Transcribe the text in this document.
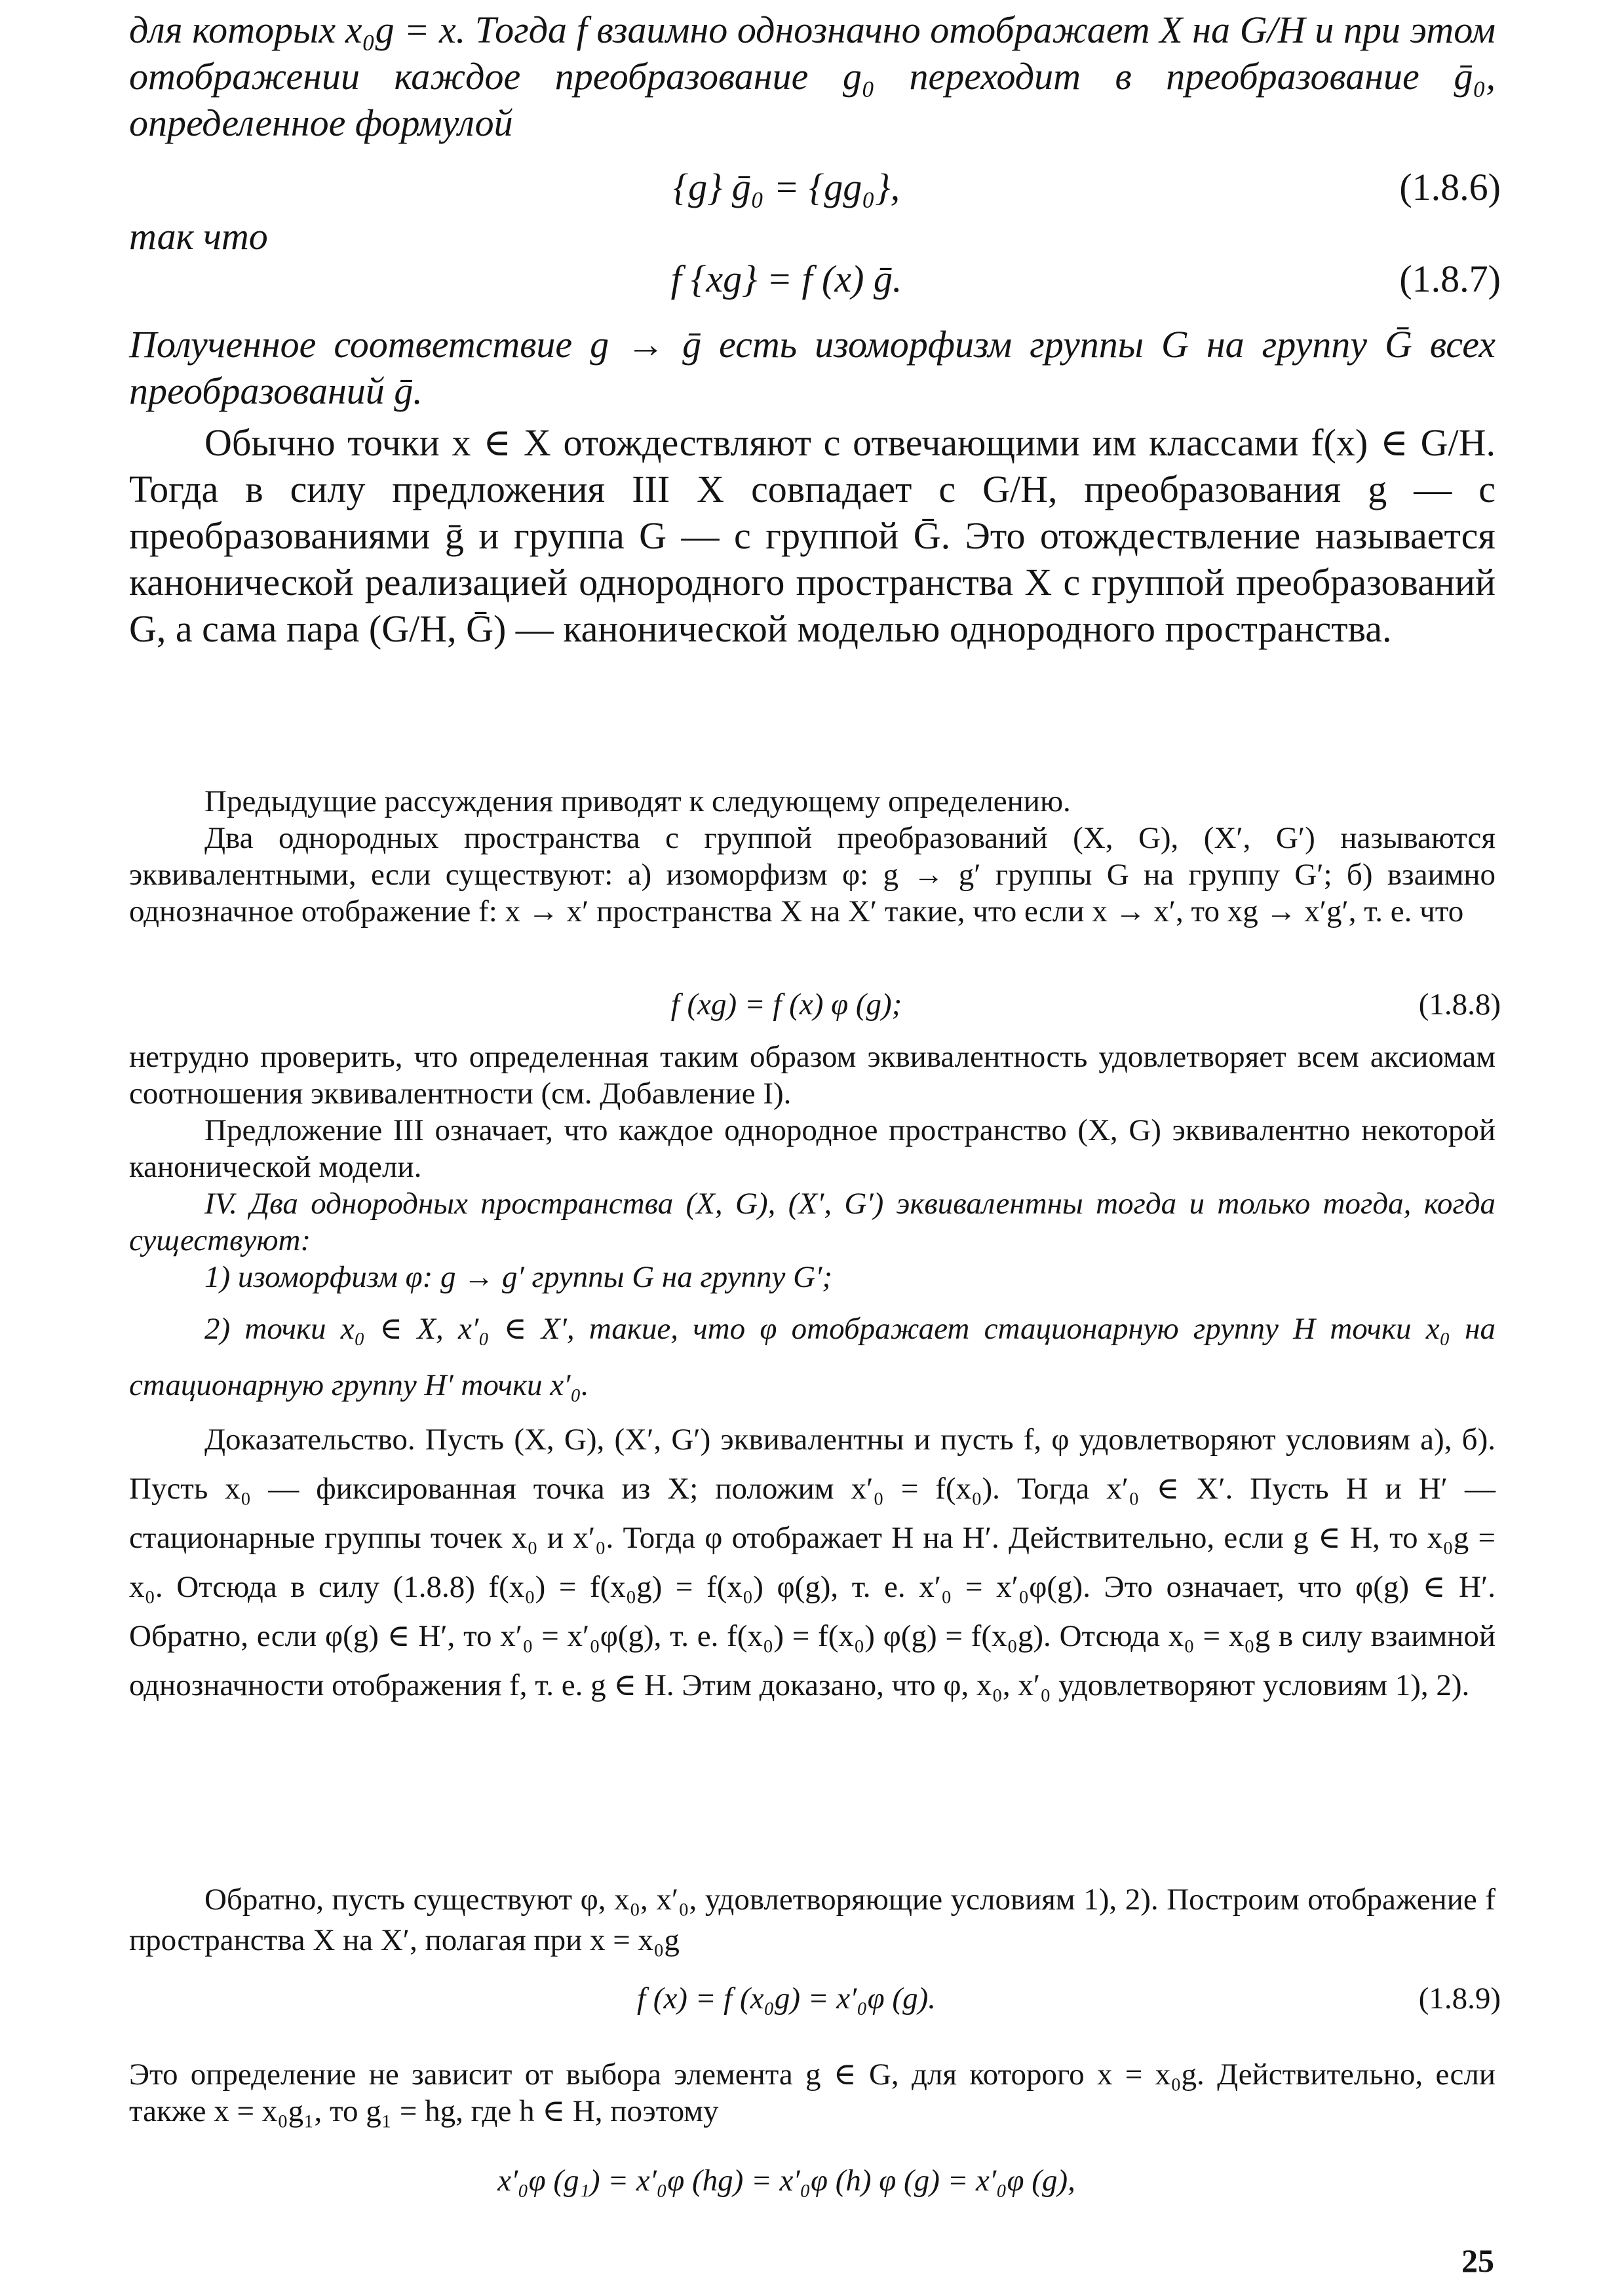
для которых x₀g = x. Тогда f взаимно однозначно отображает X на G/H и при этом отображении каждое преобразование g₀ переходит в преобразование ḡ₀, определенное формулой
{g} ḡ₀ = {gg₀},	(1.8.6)
так что
f {xg} = f (x) ḡ.	(1.8.7)
Полученное соответствие g → ḡ есть изоморфизм группы G на группу Ḡ всех преобразований ḡ.
Обычно точки x ∈ X отождествляют с отвечающими им классами f(x) ∈ G/H. Тогда в силу предложения III X совпадает с G/H, преобразования g — с преобразованиями ḡ и группа G — с группой Ḡ. Это отождествление называется канонической реализацией однородного пространства X с группой преобразований G, а сама пара (G/H, Ḡ) — канонической моделью однородного пространства.
Предыдущие рассуждения приводят к следующему определению.
Два однородных пространства с группой преобразований (X, G), (X′, G′) называются эквивалентными, если существуют: а) изоморфизм φ: g → g′ группы G на группу G′; б) взаимно однозначное отображение f: x → x′ пространства X на X′ такие, что если x → x′, то xg → x′g′, т. е. что
f (xg) = f (x) φ (g);	(1.8.8)
нетрудно проверить, что определенная таким образом эквивалентность удовлетворяет всем аксиомам соотношения эквивалентности (см. Добавление I).
Предложение III означает, что каждое однородное пространство (X, G) эквивалентно некоторой канонической модели.
IV. Два однородных пространства (X, G), (X′, G′) эквивалентны тогда и только тогда, когда существуют:
1) изоморфизм φ: g → g′ группы G на группу G′;
2) точки x₀ ∈ X, x′₀ ∈ X′, такие, что φ отображает стационарную группу H точки x₀ на стационарную группу H′ точки x′₀.
Доказательство. Пусть (X, G), (X′, G′) эквивалентны и пусть f, φ удовлетворяют условиям а), б). Пусть x₀ — фиксированная точка из X; положим x′₀ = f(x₀). Тогда x′₀ ∈ X′. Пусть H и H′ — стационарные группы точек x₀ и x′₀. Тогда φ отображает H на H′. Действительно, если g ∈ H, то x₀g = x₀. Отсюда в силу (1.8.8) f(x₀) = f(x₀g) = f(x₀) φ(g), т. е. x′₀ = x′₀φ(g). Это означает, что φ(g) ∈ H′. Обратно, если φ(g) ∈ H′, то x′₀ = x′₀φ(g), т. е. f(x₀) = f(x₀) φ(g) = f(x₀g). Отсюда x₀ = x₀g в силу взаимной однозначности отображения f, т. е. g ∈ H. Этим доказано, что φ, x₀, x′₀ удовлетворяют условиям 1), 2).
Обратно, пусть существуют φ, x₀, x′₀, удовлетворяющие условиям 1), 2). Построим отображение f пространства X на X′, полагая при x = x₀g
f (x) = f (x₀g) = x′₀φ (g).	(1.8.9)
Это определение не зависит от выбора элемента g ∈ G, для которого x = x₀g. Действительно, если также x = x₀g₁, то g₁ = hg, где h ∈ H, поэтому
x′₀φ (g₁) = x′₀φ (hg) = x′₀φ (h) φ (g) = x′₀φ (g),
25
